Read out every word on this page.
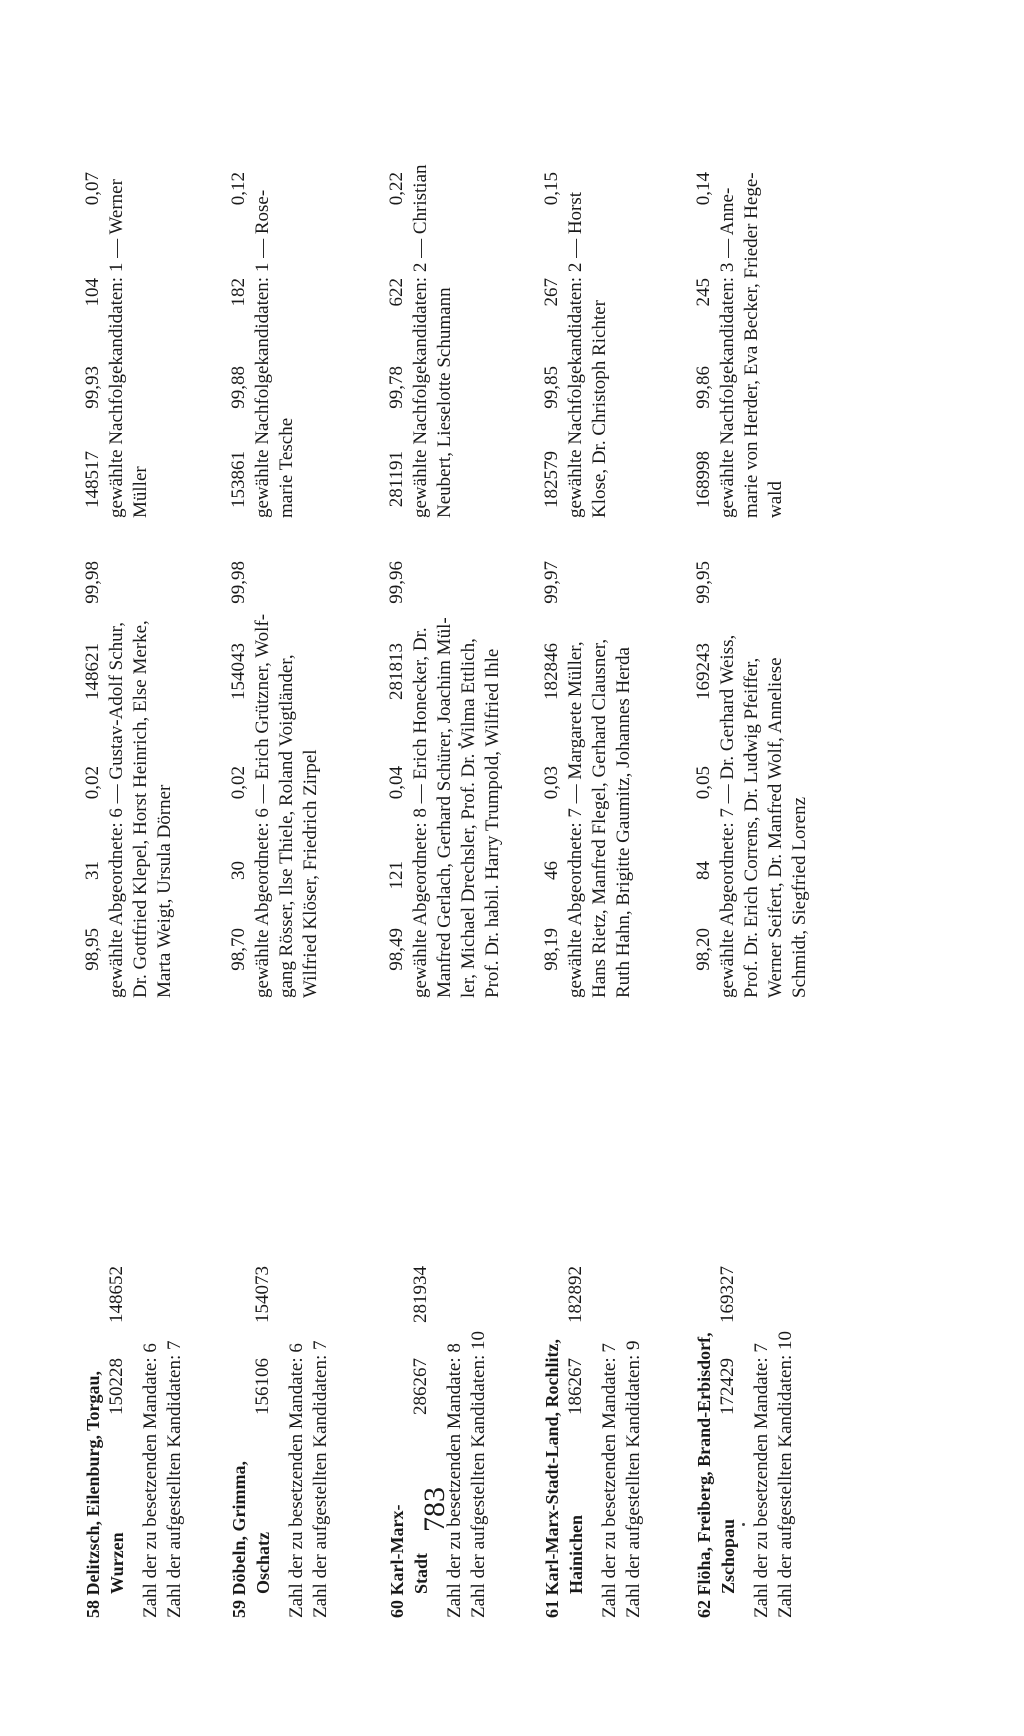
783
58 Delitzsch, Eilenburg, Torgau, Wurzen
150228
148652
Zahl der zu besetzenden Mandate: 6 Zahl der aufgestellten Kandidaten: 7
98,95
31
0,02
148621
99,98
gewählte Abgeordnete: 6 — Gustav-Adolf Schur, Dr. Gottfried Klepel, Horst Heinrich, Else Merke, Marta Weigt, Ursula Dörner
148517
99,93
104
0,07 gewählte Nachfolgekandidaten: 1 — Werner Müller
59 Döbeln, Grimma, Oschatz
156106
154073
Zahl der zu besetzenden Mandate: 6 Zahl der aufgestellten Kandidaten: 7
98,70
30
0,02
154043
99,98
gewählte Abgeordnete: 6 — Erich Grützner, Wolf- gang Rösser, Ilse Thiele, Roland Voigtländer, Wilfried Klöser, Friedrich Zirpel
153861
99,88
182
0,12
gewählte Nachfolgekandidaten: 1 — Rose- marie Tesche
60 Karl-Marx- Stadt
286267
281934
Zahl der zu besetzenden Mandate: 8 Zahl der aufgestellten Kandidaten: 10
98,49
121
0,04
281813
99,96
gewählte Abgeordnete: 8 — Erich Honecker, Dr. Manfred Gerlach, Gerhard Schürer, Joachim Mül- ler, Michael Drechsler, Prof. Dr. Wilma Ettlich, Prof. Dr. habil. Harry Trumpold, Wilfried Ihle
281191
99,78
622
0,22 gewählte Nachfolgekandidaten: 2 — Christian Neubert, Lieselotte Schumann
61 Karl-Marx-Stadt-Land, Rochlitz, Hainichen
186267
182892
Zahl der zu besetzenden Mandate: 7 Zahl der aufgestellten Kandidaten: 9
98,19
46
0,03
182846
99,97
gewählte Abgeordnete: 7 — Margarete Müller, Hans Rietz, Manfred Flegel, Gerhard Clausner, Ruth Hahn, Brigitte Gaumitz, Johannes Herda
182579
99,85
267
0,15
gewählte Nachfolgekandidaten: 2 — Horst Klose, Dr. Christoph Richter
62 Flöha, Freiberg, Brand-Erbisdorf, Zschopau
172429
169327
Zahl der zu besetzenden Mandate: 7 Zahl der aufgestellten Kandidaten: 10
98,20
84
0,05
169243
99,95
gewählte Abgeordnete: 7 — Dr. Gerhard Weiss, Prof. Dr. Erich Correns, Dr. Ludwig Pfeiffer, Werner Seifert, Dr. Manfred Wolf, Anneliese Schmidt, Siegfried Lorenz
168998
99,86
245
0,14 gewählte Nachfolgekandidaten: 3 — Anne- marie von Herder, Eva Becker, Frieder Hege- wald
